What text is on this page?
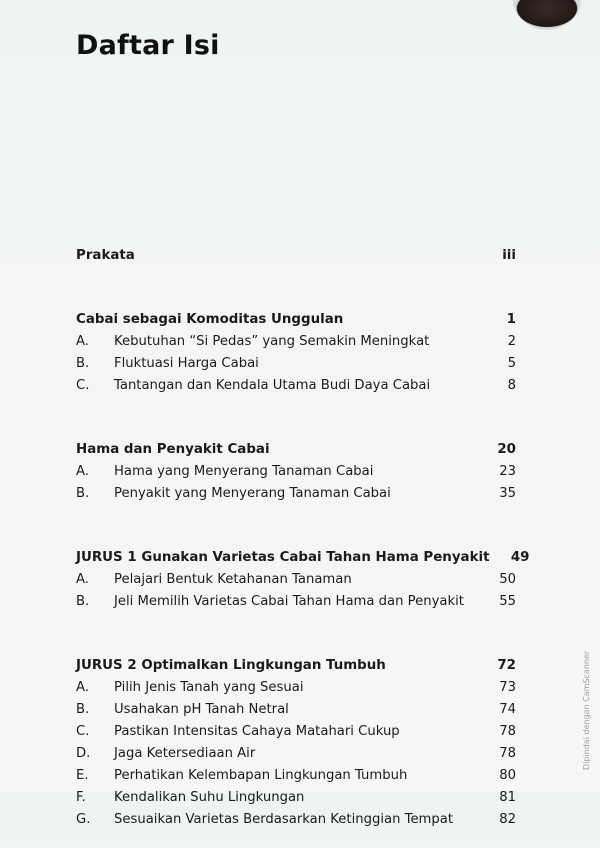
Daftar Isi
Prakata	iii
Cabai sebagai Komoditas Unggulan	1
A.	Kebutuhan “Si Pedas” yang Semakin Meningkat	2
B.	Fluktuasi Harga Cabai	5
C.	Tantangan dan Kendala Utama Budi Daya Cabai	8
Hama dan Penyakit Cabai	20
A.	Hama yang Menyerang Tanaman Cabai	23
B.	Penyakit yang Menyerang Tanaman Cabai	35
JURUS 1 Gunakan Varietas Cabai Tahan Hama Penyakit	49
A.	Pelajari Bentuk Ketahanan Tanaman	50
B.	Jeli Memilih Varietas Cabai Tahan Hama dan Penyakit	55
JURUS 2 Optimalkan Lingkungan Tumbuh	72
A.	Pilih Jenis Tanah yang Sesuai	73
B.	Usahakan pH Tanah Netral	74
C.	Pastikan Intensitas Cahaya Matahari Cukup	78
D.	Jaga Ketersediaan Air	78
E.	Perhatikan Kelembapan Lingkungan Tumbuh	80
F.	Kendalikan Suhu Lingkungan	81
G.	Sesuaikan Varietas Berdasarkan Ketinggian Tempat	82
Dipindai dengan CamScanner
